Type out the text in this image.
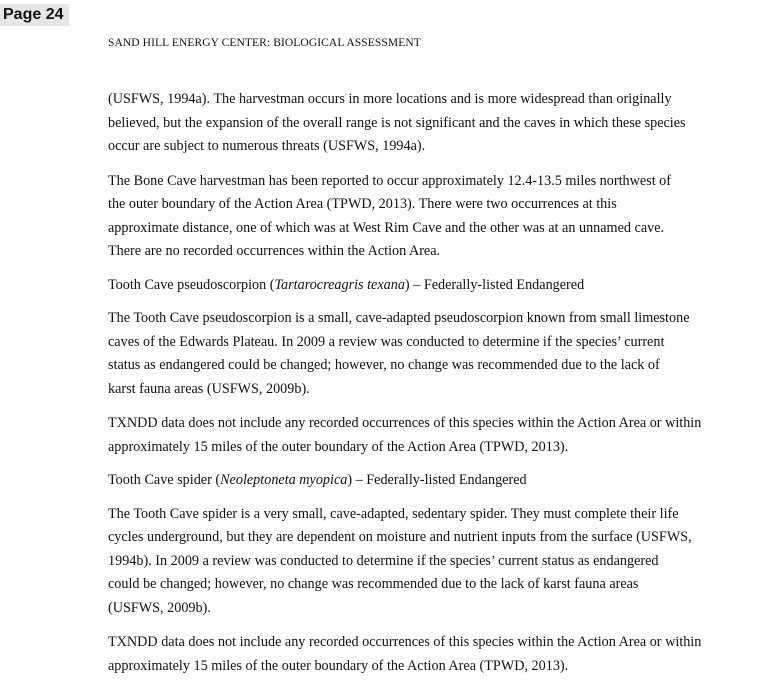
Page 24
SAND HILL ENERGY CENTER: BIOLOGICAL ASSESSMENT

(USFWS, 1994a). The harvestman occurs in more locations and is more widespread than originally
believed, but the expansion of the overall range is not significant and the caves in which these species
occur are subject to numerous threats (USFWS, 1994a).

The Bone Cave harvestman has been reported to occur approximately 12.4-13.5 miles northwest of
the outer boundary of the Action Area (TPWD, 2013). There were two occurrences at this
approximate distance, one of which was at West Rim Cave and the other was at an unnamed cave.
There are no recorded occurrences within the Action Area.

Tooth Cave pseudoscorpion (Tartarocreagris texana) – Federally-listed Endangered

The Tooth Cave pseudoscorpion is a small, cave-adapted pseudoscorpion known from small limestone
caves of the Edwards Plateau. In 2009 a review was conducted to determine if the species’ current
status as endangered could be changed; however, no change was recommended due to the lack of
karst fauna areas (USFWS, 2009b).

TXNDD data does not include any recorded occurrences of this species within the Action Area or within
approximately 15 miles of the outer boundary of the Action Area (TPWD, 2013).

Tooth Cave spider (Neoleptoneta myopica) – Federally-listed Endangered

The Tooth Cave spider is a very small, cave-adapted, sedentary spider. They must complete their life
cycles underground, but they are dependent on moisture and nutrient inputs from the surface (USFWS,
1994b). In 2009 a review was conducted to determine if the species’ current status as endangered
could be changed; however, no change was recommended due to the lack of karst fauna areas
(USFWS, 2009b).

TXNDD data does not include any recorded occurrences of this species within the Action Area or within
approximately 15 miles of the outer boundary of the Action Area (TPWD, 2013).
